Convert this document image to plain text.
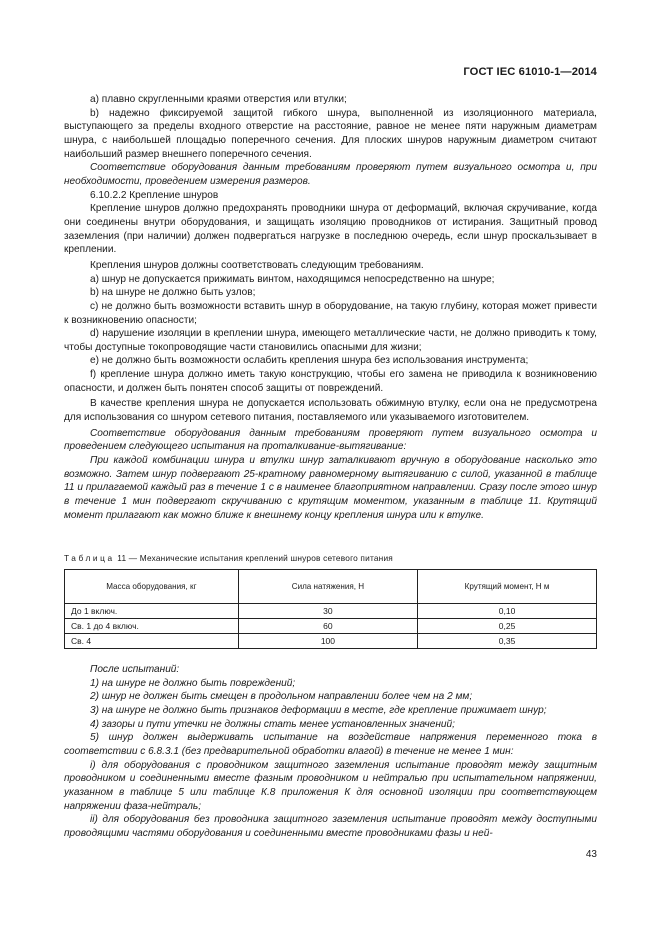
ГОСТ IEC 61010-1—2014

a) плавно скругленными краями отверстия или втулки;

b) надежно фиксируемой защитой гибкого шнура, выполненной из изоляционного материала, выступающего за пределы входного отверстие на расстояние, равное не менее пяти наружным диаметрам шнура, с наибольшей площадью поперечного сечения. Для плоских шнуров наружным диаметром считают наибольший размер внешнего поперечного сечения.

Соответствие оборудования данным требованиям проверяют путем визуального осмотра и, при необходимости, проведением измерения размеров.

6.10.2.2 Крепление шнуров

Крепление шнуров должно предохранять проводники шнура от деформаций, включая скручивание, когда они соединены внутри оборудования, и защищать изоляцию проводников от истирания. Защитный провод заземления (при наличии) должен подвергаться нагрузке в последнюю очередь, если шнур проскальзывает в креплении.

Крепления шнуров должны соответствовать следующим требованиям.

a) шнур не допускается прижимать винтом, находящимся непосредственно на шнуре;

b) на шнуре не должно быть узлов;

c) не должно быть возможности вставить шнур в оборудование, на такую глубину, которая может привести к возникновению опасности;

d) нарушение изоляции в креплении шнура, имеющего металлические части, не должно приводить к тому, чтобы доступные токопроводящие части становились опасными для жизни;

e) не должно быть возможности ослабить крепления шнура без использования инструмента;

f) крепление шнура должно иметь такую конструкцию, чтобы его замена не приводила к возникновению опасности, и должен быть понятен способ защиты от повреждений.

В качестве крепления шнура не допускается использовать обжимную втулку, если она не предусмотрена для использования со шнуром сетевого питания, поставляемого или указываемого изготовителем.

Соответствие оборудования данным требованиям проверяют путем визуального осмотра и проведением следующего испытания на проталкивание-вытягивание:

При каждой комбинации шнура и втулки шнур заталкивают вручную в оборудование насколько это возможно. Затем шнур подвергают 25-кратному равномерному вытягиванию с силой, указанной в таблице 11 и прилагаемой каждый раз в течение 1 с в наименее благоприятном направлении. Сразу после этого шнур в течение 1 мин подвергают скручиванию с крутящим моментом, указанным в таблице 11. Крутящий момент прилагают как можно ближе к внешнему концу крепления шнура или к втулке.

Таблица 11 — Механические испытания креплений шнуров сетевого питания
Масса оборудования, кг	Сила натяжения, Н	Крутящий момент, Н м
До 1 включ.	30	0,10
Св. 1 до 4 включ.	60	0,25
Св. 4	100	0,35

После испытаний:

1) на шнуре не должно быть повреждений;

2) шнур не должен быть смещен в продольном направлении более чем на 2 мм;

3) на шнуре не должно быть признаков деформации в месте, где крепление прижимает шнур;

4) зазоры и пути утечки не должны стать менее установленных значений;

5) шнур должен выдерживать испытание на воздействие напряжения переменного тока в соответствии с 6.8.3.1 (без предварительной обработки влагой) в течение не менее 1 мин:

i) для оборудования с проводником защитного заземления испытание проводят между защитным проводником и соединенными вместе фазным проводником и нейтралью при испытательном напряжении, указанном в таблице 5 или таблице К.8 приложения К для основной изоляции при соответствующем напряжении фаза-нейтраль;

ii) для оборудования без проводника защитного заземления испытание проводят между доступными проводящими частями оборудования и соединенными вместе проводниками фазы и ней-

43
